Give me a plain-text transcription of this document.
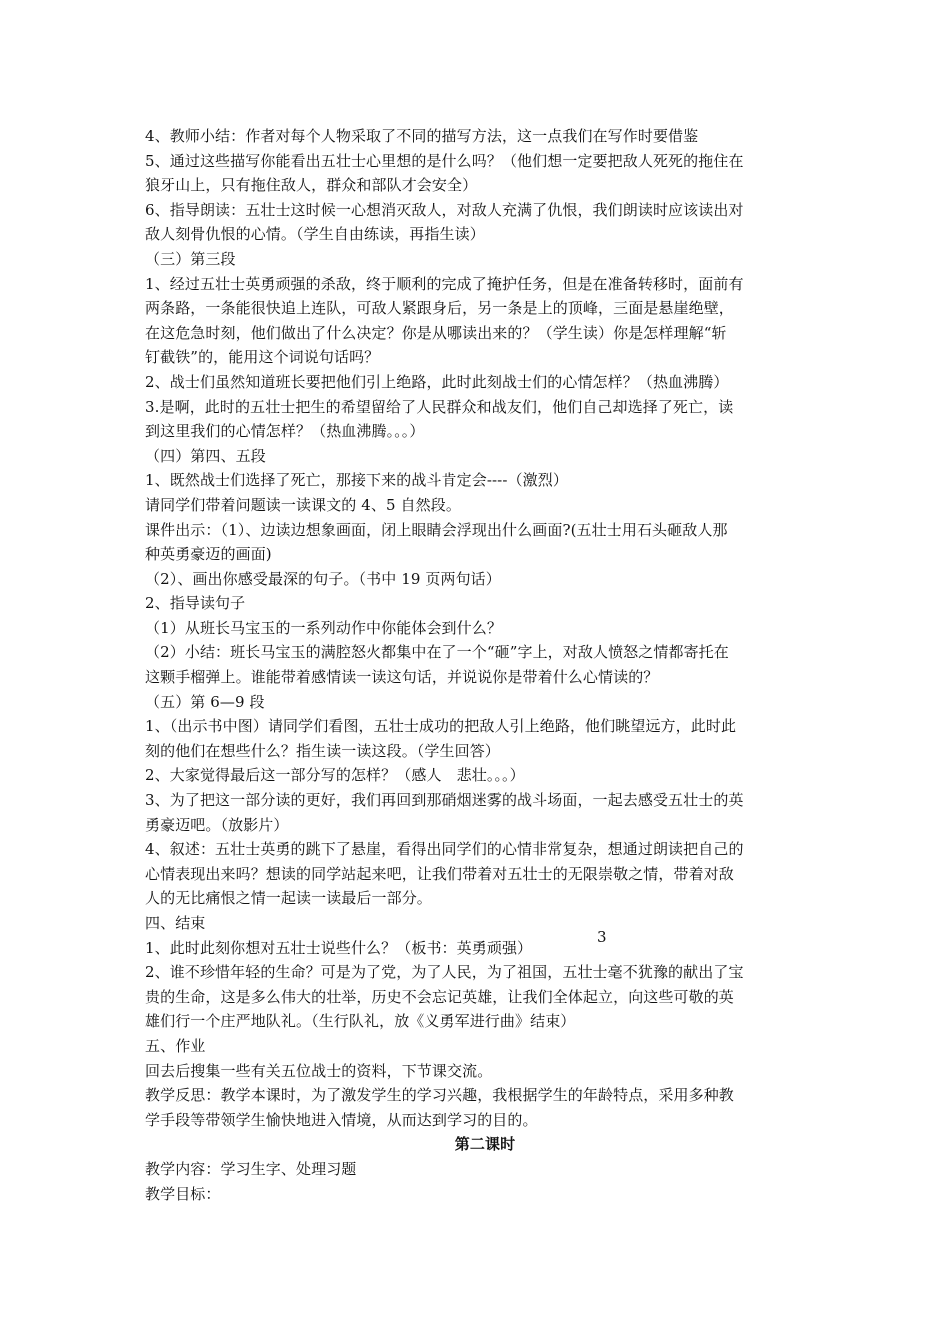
4、教师小结：作者对每个人物采取了不同的描写方法，这一点我们在写作时要借鉴
5、通过这些描写你能看出五壮士心里想的是什么吗？（他们想一定要把敌人死死的拖住在
狼牙山上，只有拖住敌人，群众和部队才会安全）
6、指导朗读：五壮士这时候一心想消灭敌人，对敌人充满了仇恨，我们朗读时应该读出对
敌人刻骨仇恨的心情。（学生自由练读，再指生读）
（三）第三段
1、经过五壮士英勇顽强的杀敌，终于顺利的完成了掩护任务，但是在准备转移时，面前有
两条路，一条能很快追上连队，可敌人紧跟身后，另一条是上的顶峰，三面是悬崖绝壁，
在这危急时刻，他们做出了什么决定？你是从哪读出来的？（学生读）你是怎样理解“斩
钉截铁”的，能用这个词说句话吗？
2、战士们虽然知道班长要把他们引上绝路，此时此刻战士们的心情怎样？（热血沸腾）
3.是啊，此时的五壮士把生的希望留给了人民群众和战友们，他们自己却选择了死亡，读
到这里我们的心情怎样？（热血沸腾。。。）
（四）第四、五段
1、既然战士们选择了死亡，那接下来的战斗肯定会----（激烈）
请同学们带着问题读一读课文的 4、5 自然段。
课件出示：（1）、边读边想象画面，闭上眼睛会浮现出什么画面?(五壮士用石头砸敌人那
种英勇豪迈的画面)
（2）、画出你感受最深的句子。（书中 19 页两句话）
2、指导读句子
（1）从班长马宝玉的一系列动作中你能体会到什么？
（2）小结：班长马宝玉的满腔怒火都集中在了一个“砸”字上，对敌人愤怒之情都寄托在
这颗手榴弹上。谁能带着感情读一读这句话，并说说你是带着什么心情读的？
（五）第 6—9 段
1、（出示书中图）请同学们看图，五壮士成功的把敌人引上绝路，他们眺望远方，此时此
刻的他们在想些什么？指生读一读这段。（学生回答）
2、大家觉得最后这一部分写的怎样？（感人　悲壮。。。）
3、为了把这一部分读的更好，我们再回到那硝烟迷雾的战斗场面，一起去感受五壮士的英
勇豪迈吧。（放影片）
4、叙述：五壮士英勇的跳下了悬崖，看得出同学们的心情非常复杂，想通过朗读把自己的
心情表现出来吗？想读的同学站起来吧，让我们带着对五壮士的无限崇敬之情，带着对敌
人的无比痛恨之情一起读一读最后一部分。
四、结束
1、此时此刻你想对五壮士说些什么？（板书：英勇顽强）
2、谁不珍惜年轻的生命？可是为了党，为了人民，为了祖国，五壮士毫不犹豫的献出了宝
贵的生命，这是多么伟大的壮举，历史不会忘记英雄，让我们全体起立，向这些可敬的英
雄们行一个庄严地队礼。（生行队礼，放《义勇军进行曲》结束）
五、作业
回去后搜集一些有关五位战士的资料，下节课交流。
教学反思：教学本课时，为了激发学生的学习兴趣，我根据学生的年龄特点，采用多种教
学手段等带领学生愉快地进入情境，从而达到学习的目的。
第二课时
教学内容：学习生字、处理习题
教学目标：
3
